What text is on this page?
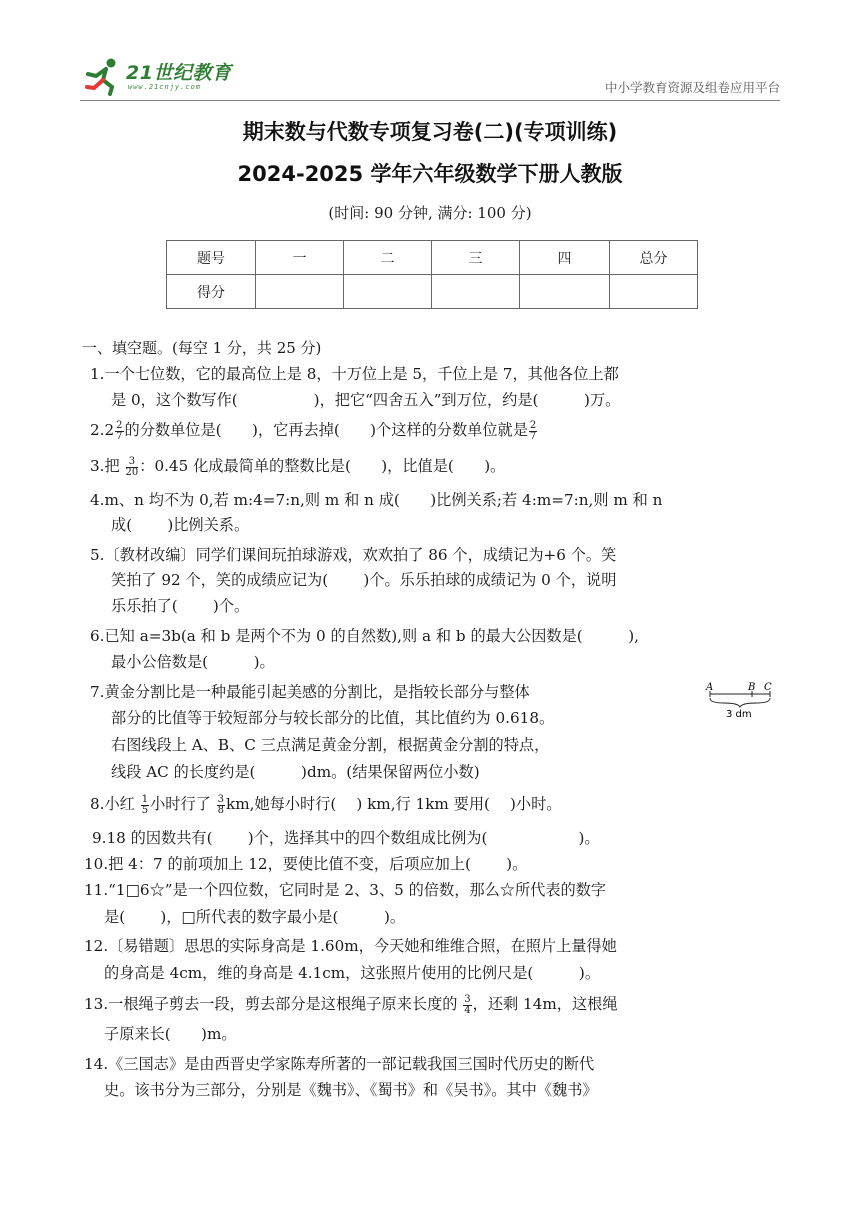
21世纪教育
www.21cnjy.com	中小学教育资源及组卷应用平台
期末数与代数专项复习卷(二)(专项训练)
2024-2025 学年六年级数学下册人教版
(时间: 90 分钟, 满分: 100 分)
题号	一	二	三	四	总分
得分					
一、填空题。(每空 1 分，共 25 分)
1.一个七位数，它的最高位上是 8，十万位上是 5，千位上是 7，其他各位上都
是 0，这个数写作(　　　　　)，把它“四舍五入”到万位，约是(　　　)万。
$2.2 \frac{2}{7}$ 的分数单位是(　　)，它再去掉(　　)个这样的分数单位就是 $\frac{2}{7}$
3.把 $\frac{3}{20}$ ：0.45 化成最简单的整数比是(　　)，比值是(　　)。
4.m、n 均不为 0,若 m:4=7:n,则 m 和 n 成(　　)比例关系;若 4:m=7:n,则 m 和 n
成(　　 )比例关系。
5.〔教材改编〕同学们课间玩拍球游戏，欢欢拍了 86 个，成绩记为+6 个。笑
笑拍了 92 个，笑的成绩应记为(　　 )个。乐乐拍球的成绩记为 0 个，说明
乐乐拍了(　　 )个。
6.已知 a=3b(a 和 b 是两个不为 0 的自然数),则 a 和 b 的最大公因数是(　　　),
最小公倍数是(　　　)。
7.黄金分割比是一种最能引起美感的分割比，是指较长部分与整体
部分的比值等于较短部分与较长部分的比值，其比值约为 0.618。
右图线段上 A、B、C 三点满足黄金分割，根据黄金分割的特点，
线段 AC 的长度约是(　　　)dm。(结果保留两位小数)
A	B C
3 dm
8.小红 $\frac{1}{5}$ 小时行了 $\frac{3}{8}$ km,她每小时行(　 ) km,行 1km 要用(　 )小时。
9.18 的因数共有(　　 )个，选择其中的四个数组成比例为(　　　　　　)。
10.把 4：7 的前项加上 12，要使比值不变，后项应加上(　　 )。
11.“1□6☆”是一个四位数，它同时是 2、3、5 的倍数，那么☆所代表的数字
是(　　 )，□所代表的数字最小是(　　　)。
12.〔易错题〕思思的实际身高是 1.60m，今天她和维维合照，在照片上量得她
的身高是 4cm，维的身高是 4.1cm，这张照片使用的比例尺是(　　　)。
13.一根绳子剪去一段，剪去部分是这根绳子原来长度的 $\frac{3}{4}$ ，还剩 14m，这根绳
子原来长(　　)m。
14.《三国志》是由西晋史学家陈寿所著的一部记载我国三国时代历史的断代
史。该书分为三部分，分别是《魏书》、《蜀书》和《吴书》。其中《魏书》
